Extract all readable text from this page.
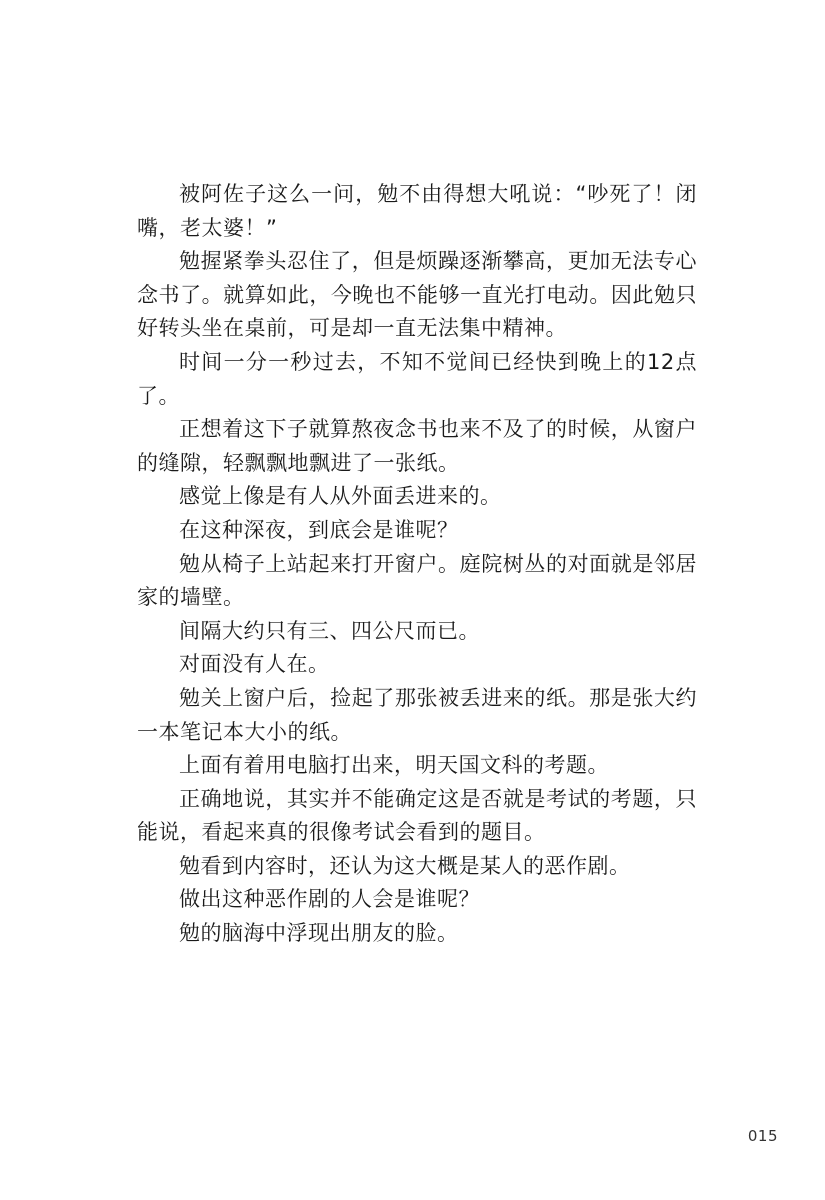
被阿佐子这么一问，勉不由得想大吼说：“吵死了！闭嘴，老太婆！”

勉握紧拳头忍住了，但是烦躁逐渐攀高，更加无法专心念书了。就算如此，今晚也不能够一直光打电动。因此勉只好转头坐在桌前，可是却一直无法集中精神。

时间一分一秒过去，不知不觉间已经快到晚上的12点了。

正想着这下子就算熬夜念书也来不及了的时候，从窗户的缝隙，轻飘飘地飘进了一张纸。

感觉上像是有人从外面丢进来的。

在这种深夜，到底会是谁呢？

勉从椅子上站起来打开窗户。庭院树丛的对面就是邻居家的墙壁。

间隔大约只有三、四公尺而已。

对面没有人在。

勉关上窗户后，捡起了那张被丢进来的纸。那是张大约一本笔记本大小的纸。

上面有着用电脑打出来，明天国文科的考题。

正确地说，其实并不能确定这是否就是考试的考题，只能说，看起来真的很像考试会看到的题目。

勉看到内容时，还认为这大概是某人的恶作剧。

做出这种恶作剧的人会是谁呢？

勉的脑海中浮现出朋友的脸。

015
